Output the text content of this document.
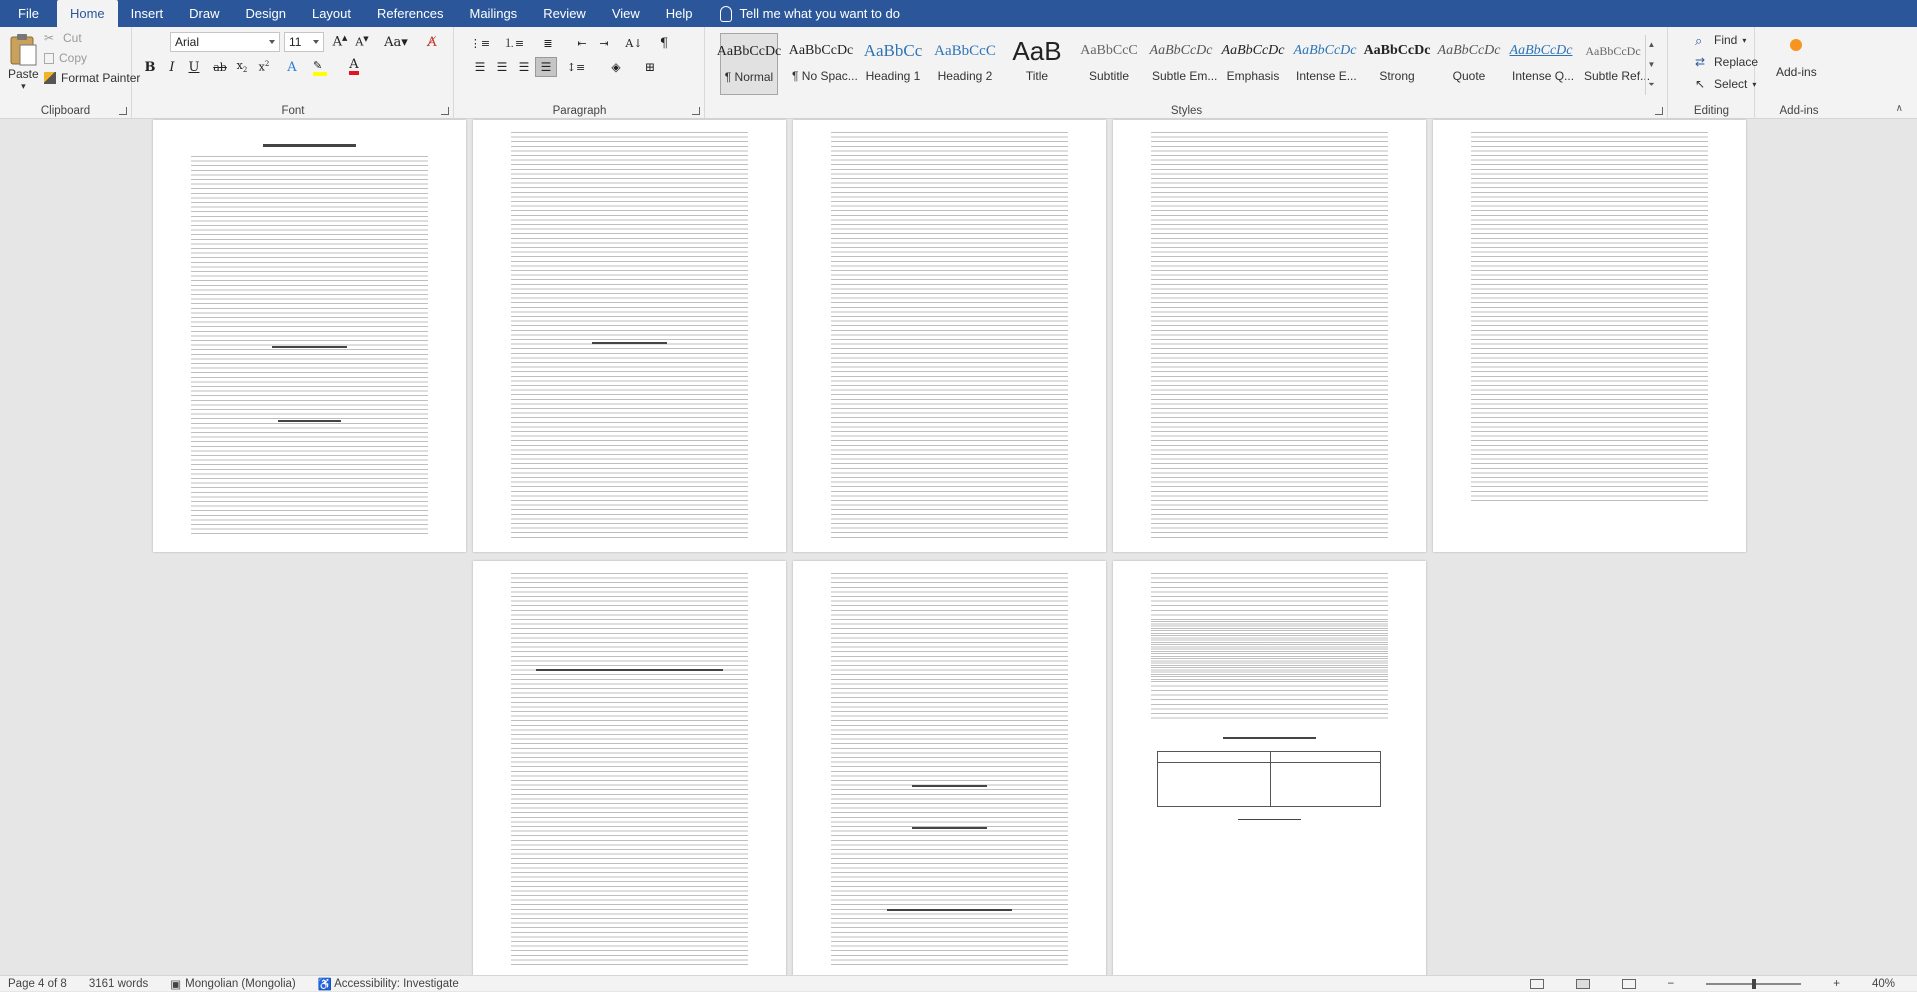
File	Home	Insert	Draw	Design	Layout	References	Mailings	Review	View	Help	Tell me what you want to do
Paste
▾
✂ Cut
Copy
Format Painter
Clipboard
Arial	11 A▲ A▼ Aa▾ A̸
B I U ab $x_2$ $x^2$ A ✎	A
Font
⋮≡ ⒈≡ ≣ ⇤ ⇥ A↓ ¶
☰ ☰ ☰ ☰ ↕≡ ◈ ⊞
Paragraph
AaBbCcDc
¶ Normal
AaBbCcDc
¶ No Spac...
AaBbCc
Heading 1
AaBbCcC
Heading 2
AaB
Title
AaBbCcC
Subtitle
AaBbCcDc
Subtle Em...
AaBbCcDc
Emphasis
AaBbCcDc
Intense E...
AaBbCcDc
Strong
AaBbCcDc
Quote
AaBbCcDc
Intense Q...
AaBbCcDc
Subtle Ref...
▲
▼
⏷
Styles
⌕ Find ▾
⇄ Replace
↖ Select ▾
Editing
Add-ins
Add-ins	∧
Page 4 of 8 3161 words ▣ Mongolian (Mongolia) ♿ Accessibility: Investigate	−	+	40%
